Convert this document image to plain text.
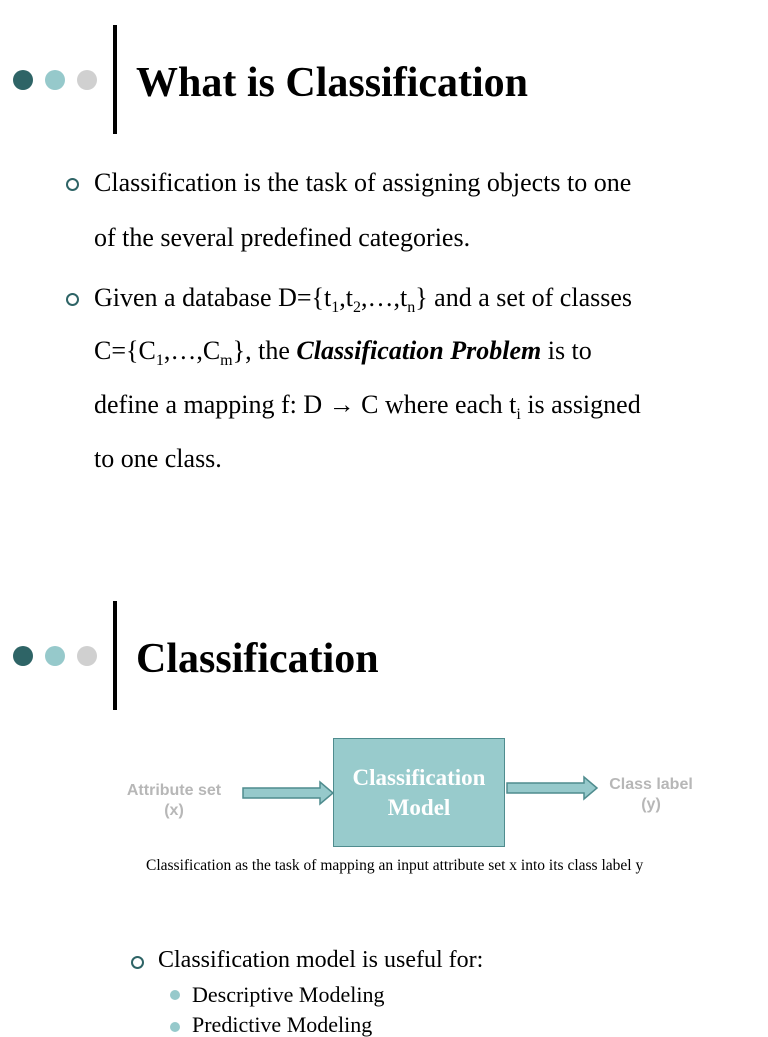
What is Classification
Classification is the task of assigning objects to one
of the several predefined categories.
Given a database $D=\{t_1,t_2,\dots,t_n\}$ and a set of classes
$C=\{C_1,\dots,C_m\}$, the Classification Problem is to
define a mapping f: D → C where each $t_i$ is assigned
to one class.
Classification
Attribute set
(x)
Classification
Model
Class label
(y)
Classification as the task of mapping an input attribute set x into its class label y
Classification model is useful for:
Descriptive Modeling
Predictive Modeling
